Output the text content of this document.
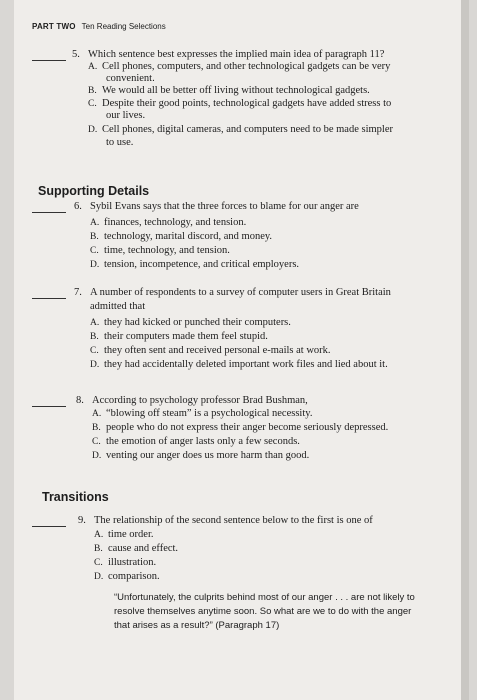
PART TWO Ten Reading Selections
5. Which sentence best expresses the implied main idea of paragraph 11?
A. Cell phones, computers, and other technological gadgets can be very
convenient.
B. We would all be better off living without technological gadgets.
C. Despite their good points, technological gadgets have added stress to
our lives.
D. Cell phones, digital cameras, and computers need to be made simpler
to use.
Supporting Details
6. Sybil Evans says that the three forces to blame for our anger are
A. finances, technology, and tension.
B. technology, marital discord, and money.
C. time, technology, and tension.
D. tension, incompetence, and critical employers.
7. A number of respondents to a survey of computer users in Great Britain
admitted that
A. they had kicked or punched their computers.
B. their computers made them feel stupid.
C. they often sent and received personal e-mails at work.
D. they had accidentally deleted important work files and lied about it.
8. According to psychology professor Brad Bushman,
A. “blowing off steam” is a psychological necessity.
B. people who do not express their anger become seriously depressed.
C. the emotion of anger lasts only a few seconds.
D. venting our anger does us more harm than good.
Transitions
9. The relationship of the second sentence below to the first is one of
A. time order.
B. cause and effect.
C. illustration.
D. comparison.
“Unfortunately, the culprits behind most of our anger . . . are not likely to
resolve themselves anytime soon. So what are we to do with the anger
that arises as a result?” (Paragraph 17)
